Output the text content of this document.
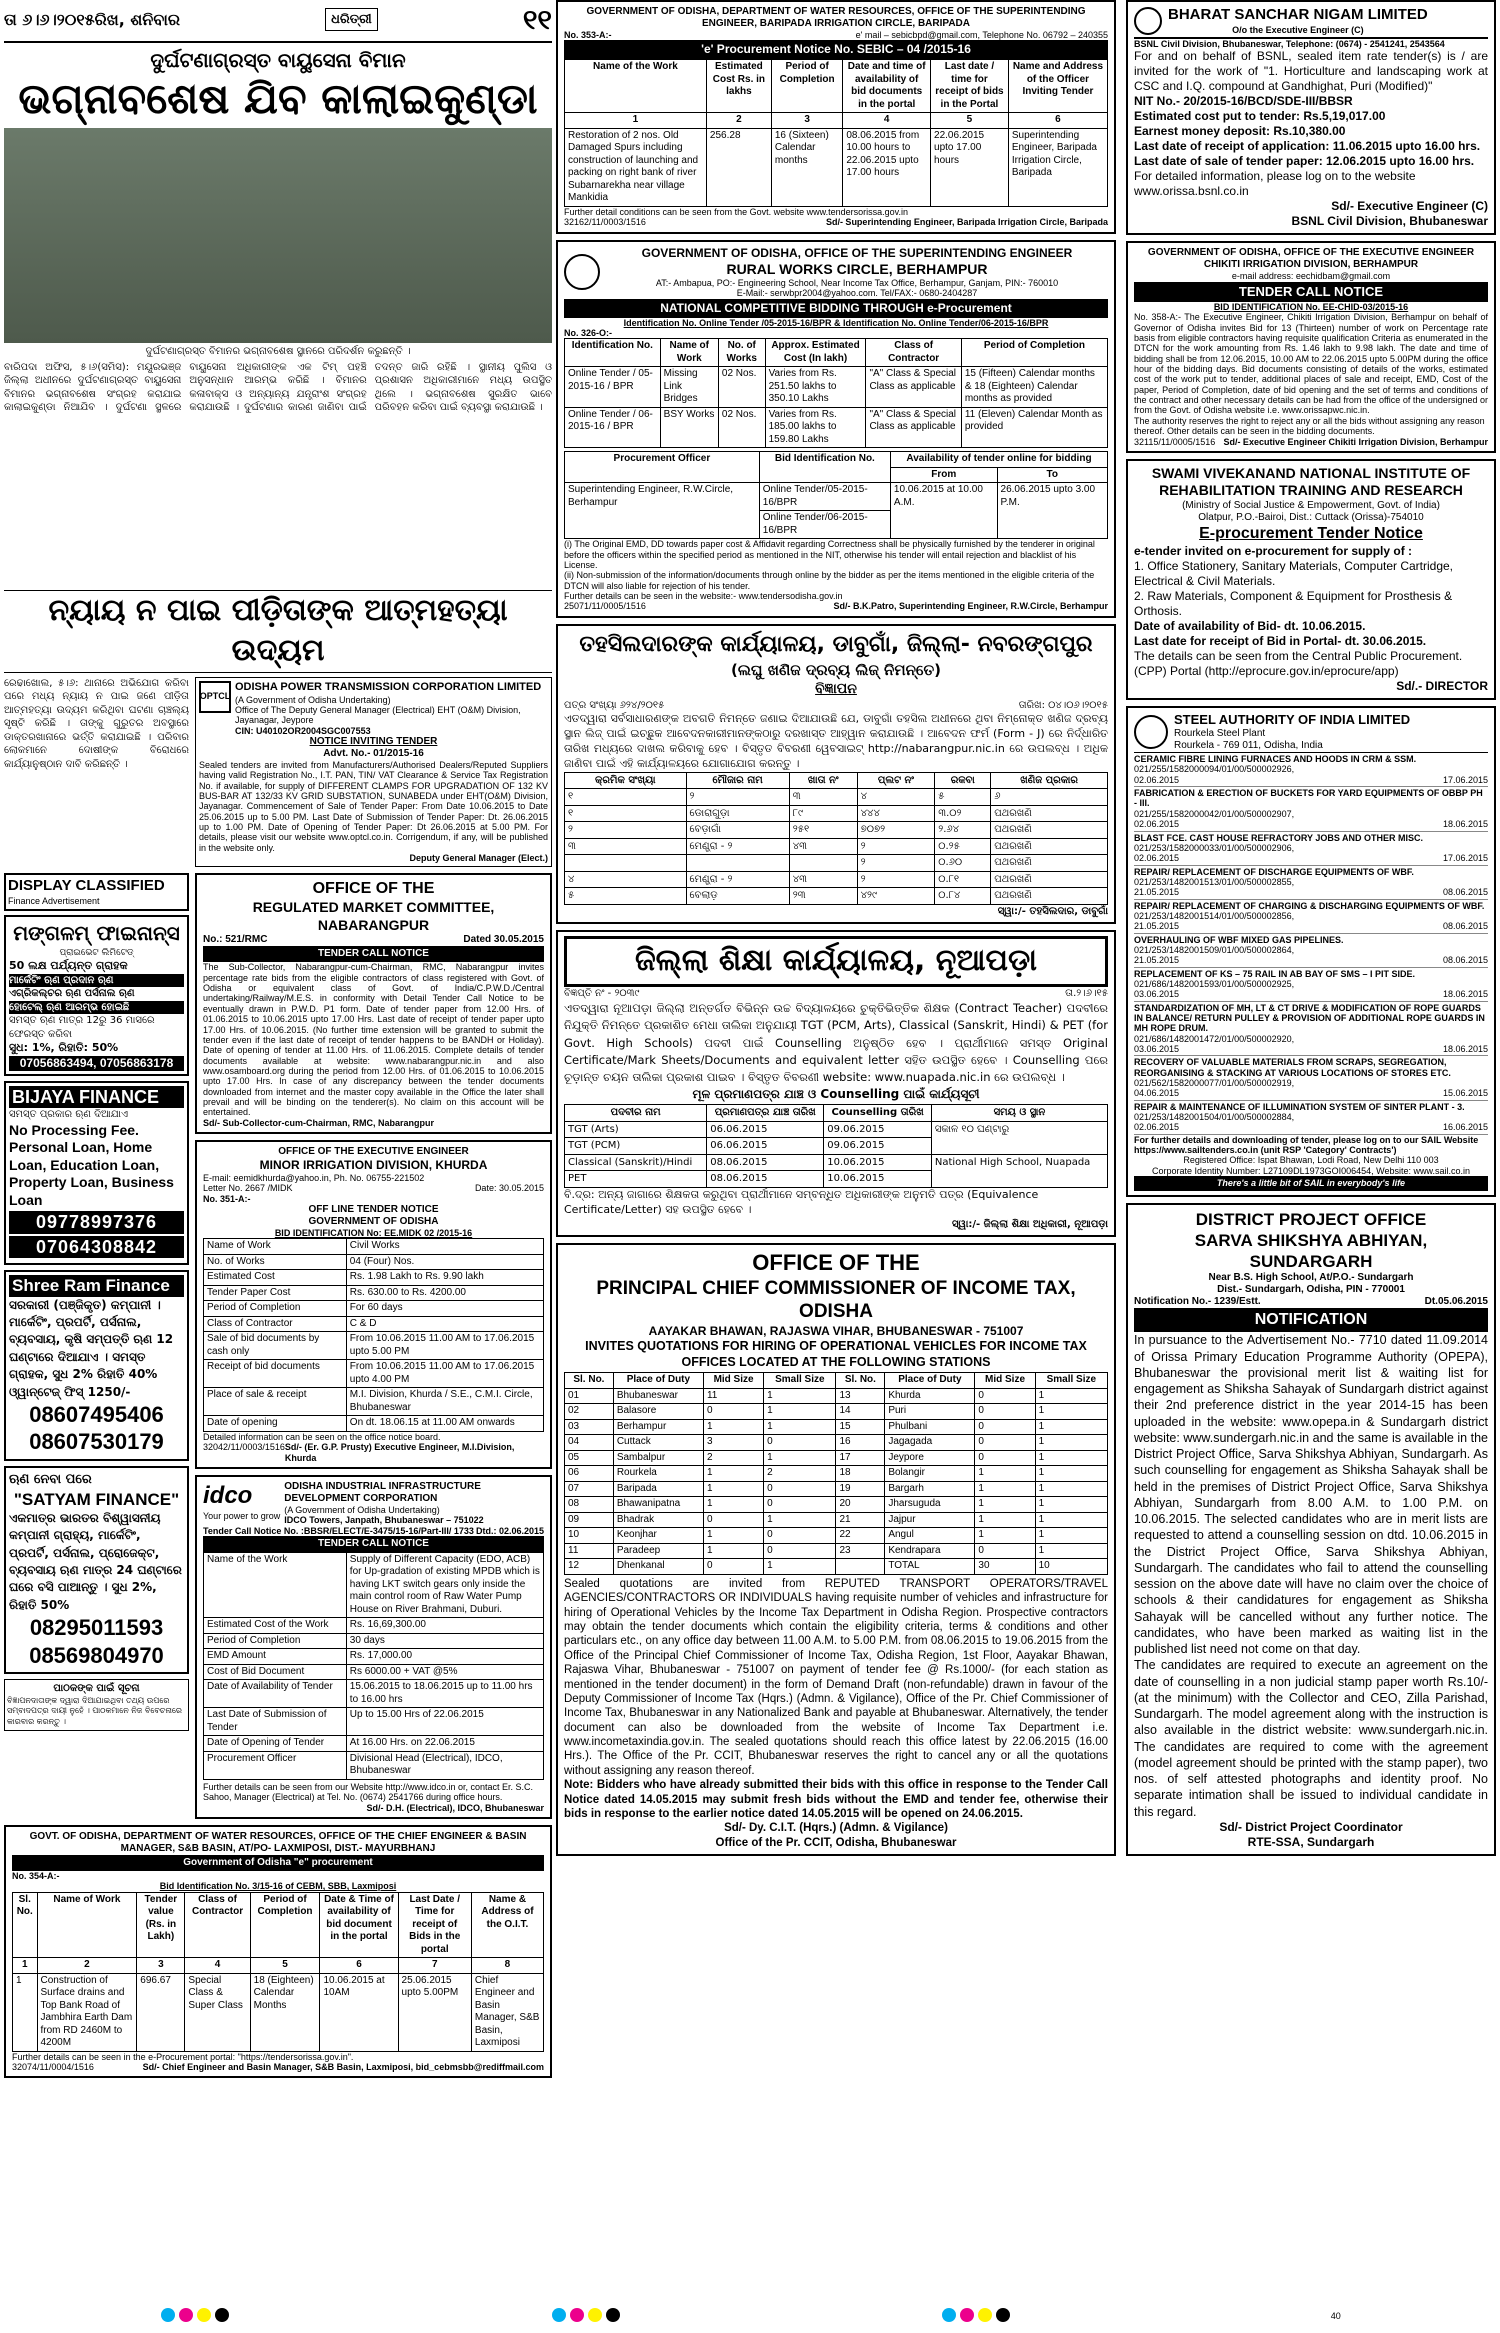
ତା ୬।୬।୨୦୧୫ରିଖ, ଶନିବାର	ଧରିତ୍ରୀ	୧୧
ଦୁର୍ଘଟଣାଗ୍ରସ୍ତ ବାୟୁସେନା ବିମାନ
ଭଗ୍ନାବଶେଷ ଯିବ କାଲାଇକୁଣ୍ଡା
ଦୁର୍ଘଟଣାଗ୍ରସ୍ତ ବିମାନର ଭଗ୍ନାବଶେଷ ସ୍ଥାନରେ ପରିଦର୍ଶନ କରୁଛନ୍ତି ।
ବାରିପଦା ଅଫିସ, ୫।୬(ସମିସ): ମୟୂରଭଞ୍ଜ ଜିଲ୍ଲା ଅଧୀନରେ ଦୁର୍ଘଟଣାଗ୍ରସ୍ତ ବାୟୁସେନା ବିମାନର ଭଗ୍ନାବଶେଷ ସଂଗ୍ରହ କରାଯାଇ କାଲାଇକୁଣ୍ଡା ନିଆଯିବ । ଦୁର୍ଘଟଣା ସ୍ଥଳରେ ବାୟୁସେନା ଅଧିକାରୀଙ୍କ ଏକ ଟିମ୍ ପହଞ୍ଚି ଅନୁସନ୍ଧାନ ଆରମ୍ଭ କରିଛି । ବିମାନର କଳାବାକ୍ସ ଓ ଅନ୍ୟାନ୍ୟ ଯନ୍ତ୍ରାଂଶ ସଂଗ୍ରହ କରାଯାଉଛି । ଦୁର୍ଘଟଣାର କାରଣ ଜାଣିବା ପାଇଁ ତଦନ୍ତ ଜାରି ରହିଛି । ସ୍ଥାନୀୟ ପୁଲିସ ଓ ପ୍ରଶାସନ ଅଧିକାରୀମାନେ ମଧ୍ୟ ଉପସ୍ଥିତ ଥିଲେ । ଭଗ୍ନାବଶେଷ ସୁରକ୍ଷିତ ଭାବେ ପରିବହନ କରିବା ପାଇଁ ବ୍ୟବସ୍ଥା କରାଯାଉଛି ।
ନ୍ୟାୟ ନ ପାଇ ପୀଡ଼ିତାଙ୍କ ଆତ୍ମହତ୍ୟା ଉଦ୍ୟମ
ରେଢାଖୋଲ, ୫।୬: ଥାନାରେ ଅଭିଯୋଗ କରିବା ପରେ ମଧ୍ୟ ନ୍ୟାୟ ନ ପାଇ ଜଣେ ପୀଡ଼ିତା ଆତ୍ମହତ୍ୟା ଉଦ୍ୟମ କରିଥିବା ଘଟଣା ଚାଞ୍ଚଲ୍ୟ ସୃଷ୍ଟି କରିଛି । ତାଙ୍କୁ ଗୁରୁତର ଅବସ୍ଥାରେ ଡାକ୍ତରଖାନାରେ ଭର୍ତ୍ତି କରାଯାଇଛି । ପରିବାର ଲୋକମାନେ ଦୋଷୀଙ୍କ ବିରୋଧରେ କାର୍ଯ୍ୟାନୁଷ୍ଠାନ ଦାବି କରିଛନ୍ତି ।
OPTCL
ODISHA POWER TRANSMISSION CORPORATION LIMITED
(A Government of Odisha Undertaking)
Office of The Deputy General Manager (Electrical) EHT (O&M) Division, Jayanagar, Jeypore
CIN: U40102OR2004SGC007553
NOTICE INVITING TENDER
Advt. No.- 01/2015-16
Sealed tenders are invited from Manufacturers/Authorised Dealers/Reputed Suppliers having valid Registration No., I.T. PAN, TIN/ VAT Clearance & Service Tax Registration No. if available, for supply of DIFFERENT CLAMPS FOR UPGRADATION OF 132 KV BUS-BAR AT 132/33 KV GRID SUBSTATION, SUNABEDA under EHT(O&M) Division, Jayanagar. Commencement of Sale of Tender Paper: From Date 10.06.2015 to Date 25.06.2015 up to 5.00 PM. Last Date of Submission of Tender Paper: Dt. 26.06.2015 up to 1.00 PM. Date of Opening of Tender Paper: Dt 26.06.2015 at 5.00 PM. For details, please visit our website www.optcl.co.in. Corrigendum, if any, will be published in the website only.
Deputy General Manager (Elect.)
DISPLAY CLASSIFIED
Finance Advertisement
ମଙ୍ଗଳମ୍ ଫାଇନାନ୍ସ
ପ୍ରାଇଭେଟ ଲିମିଟେଡ୍
50 ଲକ୍ଷ ପର୍ଯ୍ୟନ୍ତ ଗ୍ରାହକ
ମାର୍କେଟିଂ ଋଣ ପ୍ରଦାନ ଋଣ
ଏଗ୍ରିକଲ୍ଚର ଋଣ ପର୍ସନାଲ ଋଣ
ହୋଟେଲ୍ ଋଣ ଆରମ୍ଭ ହୋଇଛି
ସମସ୍ତ ଋଣ ମାତ୍ର 12ରୁ 36 ମାସରେ ଫେରସ୍ତ କରିବା
ସୁଧ: 1%, ରିହାତି: 50%
07056863494, 07056863178
BIJAYA FINANCE
ସମସ୍ତ ପ୍ରକାର ଋଣ ଦିଆଯାଏ
No Processing Fee.
Personal Loan, Home
Loan, Education Loan,
Property Loan, Business
Loan
09778997376
07064308842
Shree Ram Finance
ସରକାରୀ (ପଞ୍ଜିକୃତ) କମ୍ପାନୀ । ମାର୍କେଟିଂ, ପ୍ରପର୍ଟି, ପର୍ସନାଲ, ବ୍ୟବସାୟ, କୃଷି ସମ୍ପତ୍ତି ଋଣ 12 ଘଣ୍ଟାରେ ଦିଆଯାଏ । ସମସ୍ତ ଗ୍ରାହକ, ସୁଧ 2% ରିହାତି 40% ଓ୍ୱାନ୍ଟେଜ୍ ଫିସ୍ 1250/-
08607495406
08607530179
ଋଣ ନେବା ପରେ
"SATYAM FINANCE"
ଏକମାତ୍ର ଭାରତର ବିଶ୍ୱାସନୀୟ କମ୍ପାନୀ ଗ୍ରାହ୍ୟ, ମାର୍କେଟିଂ, ପ୍ରପର୍ଟି, ପର୍ସନାଲ, ପ୍ରୋଜେକ୍ଟ, ବ୍ୟବସାୟ ଋଣ ମାତ୍ର 24 ଘଣ୍ଟାରେ ଘରେ ବସି ପାଆନ୍ତୁ । ସୁଧ 2%, ରିହାତି 50%
08295011593
08569804970
ପାଠକଙ୍କ ପାଇଁ ସୂଚନା
ବିଜ୍ଞାପନଦାତାଙ୍କ ଦ୍ୱାରା ଦିଆଯାଇଥିବା ତଥ୍ୟ ଉପରେ ସମ୍ବାଦପତ୍ର ଦାୟୀ ନୁହେଁ । ପାଠକମାନେ ନିଜ ବିବେଚନାରେ କାରବାର କରନ୍ତୁ ।
OFFICE OF THE
REGULATED MARKET COMMITTEE, NABARANGPUR
No.: 521/RMC	Dated 30.05.2015
TENDER CALL NOTICE
The Sub-Collector, Nabarangpur-cum-Chairman, RMC, Nabarangpur invites percentage rate bids from the eligible contractors of class registered with Govt. of Odisha or equivalent class of Govt. of India/C.P.W.D./Central undertaking/Railway/M.E.S. in conformity with Detail Tender Call Notice to be eventually drawn in P.W.D. P1 form. Date of tender paper from 12.00 Hrs. of 01.06.2015 to 10.06.2015 upto 17.00 Hrs. Last date of receipt of tender paper upto 17.00 Hrs. of 10.06.2015. (No further time extension will be granted to submit the tender even if the last date of receipt of tender happens to be BANDH or Holiday). Date of opening of tender at 11.00 Hrs. of 11.06.2015. Complete details of tender documents available at website: www.nabarangpur.nic.in and also www.osamboard.org during the period from 12.00 Hrs. of 01.06.2015 to 10.06.2015 upto 17.00 Hrs. In case of any discrepancy between the tender documents downloaded from internet and the master copy available in the Office the later shall prevail and will be binding on the tenderer(s). No claim on this account will be entertained.
Sd/- Sub-Collector-cum-Chairman, RMC, Nabarangpur
OFFICE OF THE EXECUTIVE ENGINEER
MINOR IRRIGATION DIVISION, KHURDA
E-mail: eemidkhurda@yahoo.in, Ph. No. 06755-221502
Letter No. 2667 /MIDK	Date: 30.05.2015
No. 351-A:-
OFF LINE TENDER NOTICE
GOVERNMENT OF ODISHA
BID IDENTIFICATION No: EE.MIDK 02 /2015-16
Name of Work	Civil Works
No. of Works	04 (Four) Nos.
Estimated Cost	Rs. 1.98 Lakh to Rs. 9.90 lakh
Tender Paper Cost	Rs. 630.00 to Rs. 4200.00
Period of Completion	For 60 days
Class of Contractor	C & D
Sale of bid documents by cash only	From 10.06.2015 11.00 AM to 17.06.2015 upto 5.00 PM
Receipt of bid documents	From 10.06.2015 11.00 AM to 17.06.2015 upto 4.00 PM
Place of sale & receipt	M.I. Division, Khurda / S.E., C.M.I. Circle, Bhubaneswar
Date of opening	On dt. 18.06.15 at 11.00 AM onwards
Detailed information can be seen on the office notice board.
32042/11/0003/1516 Sd/- (Er. G.P. Prusty) Executive Engineer, M.I.Division, Khurda
idco
Your power to grow
ODISHA INDUSTRIAL INFRASTRUCTURE DEVELOPMENT CORPORATION
(A Government of Odisha Undertaking)
IDCO Towers, Janpath, Bhubaneswar – 751022
Tender Call Notice No. :BBSR/ELECT/E-3475/15-16/Part-III/ 1733 Dtd.: 02.06.2015
TENDER CALL NOTICE
Name of the Work	Supply of Different Capacity (EDO, ACB) for Up-gradation of existing MPDB which is having LKT switch gears only inside the main control room of Raw Water Pump House on River Brahmani, Duburi.
Estimated Cost of the Work	Rs. 16,69,300.00
Period of Completion	30 days
EMD Amount	Rs. 17,000.00
Cost of Bid Document	Rs 6000.00 + VAT @5%
Date of Availability of Tender	15.06.2015 to 18.06.2015 up to 11.00 hrs to 16.00 hrs
Last Date of Submission of Tender	Up to 15.00 Hrs of 22.06.2015
Date of Opening of Tender	At 16.00 Hrs. on 22.06.2015
Procurement Officer	Divisional Head (Electrical), IDCO, Bhubaneswar
Further details can be seen from our Website http://www.idco.in or, contact Er. S.C. Sahoo, Manager (Electrical) at Tel. No. (0674) 2541766 during office hours.
Sd/- D.H. (Electrical), IDCO, Bhubaneswar
GOVT. OF ODISHA, DEPARTMENT OF WATER RESOURCES, OFFICE OF THE CHIEF ENGINEER & BASIN MANAGER, S&B BASIN, AT/PO- LAXMIPOSI, DIST.- MAYURBHANJ
Government of Odisha "e" procurement
No. 354-A:-
Bid Identification No. 3/15-16 of CEBM, SBB, Laxmiposi
Sl. No.	Name of Work	Tender value (Rs. in Lakh)	Class of Contractor	Period of Completion	Date & Time of availability of bid document in the portal	Last Date / Time for receipt of Bids in the portal	Name & Address of the O.I.T.
1	2	3	4	5	6	7	8
1	Construction of Surface drains and Top Bank Road of Jambhira Earth Dam from RD 2460M to 4200M	696.67	Special Class & Super Class	18 (Eighteen) Calendar Months	10.06.2015 at 10AM	25.06.2015 upto 5.00PM	Chief Engineer and Basin Manager, S&B Basin, Laxmiposi
Further details can be seen in the e-Procurement portal: "https://tendersorissa.gov.in".
32074/11/0004/1516	Sd/- Chief Engineer and Basin Manager, S&B Basin, Laxmiposi, bid_cebmsbb@rediffmail.com
GOVERNMENT OF ODISHA, DEPARTMENT OF WATER RESOURCES, OFFICE OF THE SUPERINTENDING ENGINEER, BARIPADA IRRIGATION CIRCLE, BARIPADA
No. 353-A:-	e' mail – sebicbpd@gmail.com, Telephone No. 06792 – 240355
'e' Procurement Notice No. SEBIC – 04 /2015-16
Name of the Work	Estimated Cost Rs. in lakhs	Period of Completion	Date and time of availability of bid documents in the portal	Last date / time for receipt of bids in the Portal	Name and Address of the Officer Inviting Tender
1	2	3	4	5	6
Restoration of 2 nos. Old Damaged Spurs including construction of launching and packing on right bank of river Subarnarekha near village Mankidia	256.28	16 (Sixteen) Calendar months	08.06.2015 from 10.00 hours to 22.06.2015 upto 17.00 hours	22.06.2015 upto 17.00 hours	Superintending Engineer, Baripada Irrigation Circle, Baripada
Further detail conditions can be seen from the Govt. website www.tendersorissa.gov.in
32162/11/0003/1516	Sd/- Superintending Engineer, Baripada Irrigation Circle, Baripada
GOVERNMENT OF ODISHA, OFFICE OF THE SUPERINTENDING ENGINEER
RURAL WORKS CIRCLE, BERHAMPUR
AT:- Ambapua, PO:- Engineering School, Near Income Tax Office, Berhampur, Ganjam, PIN:- 760010
E-Mail:- serwbpr2004@yahoo.com. Tel/FAX:- 0680-2404287
NATIONAL COMPETITIVE BIDDING THROUGH e-Procurement
Identification No. Online Tender /05-2015-16/BPR & Identification No. Online Tender/06-2015-16/BPR
No. 326-O:-
Identification No.	Name of Work	No. of Works	Approx. Estimated Cost (In lakh)	Class of Contractor	Period of Completion
Online Tender / 05-2015-16 / BPR	Missing Link Bridges	02 Nos.	Varies from Rs. 251.50 lakhs to 350.10 Lakhs	"A" Class & Special Class as applicable	15 (Fifteen) Calendar months & 18 (Eighteen) Calendar months as provided
Online Tender / 06-2015-16 / BPR	BSY Works	02 Nos.	Varies from Rs. 185.00 lakhs to 159.80 Lakhs	"A" Class & Special Class as applicable	11 (Eleven) Calendar Month as provided
Procurement Officer	Bid Identification No.	Availability of tender online for bidding	
		From	To
Superintending Engineer, R.W.Circle, Berhampur	Online Tender/05-2015-16/BPR	10.06.2015 at 10.00 A.M.	26.06.2015 upto 3.00 P.M.
	Online Tender/06-2015-16/BPR		
(i) The Original EMD, DD towards paper cost & Affidavit regarding Correctness shall be physically furnished by the tenderer in original before the officers within the specified period as mentioned in the NIT, otherwise his tender will entail rejection and blacklist of his License.
(ii) Non-submission of the information/documents through online by the bidder as per the items mentioned in the eligible criteria of the DTCN will also liable for rejection of his tender.
Further details can be seen in the website:- www.tendersodisha.gov.in
25071/11/0005/1516	Sd/- B.K.Patro, Superintending Engineer, R.W.Circle, Berhampur
ତହସିଲଦାରଙ୍କ କାର୍ଯ୍ୟାଳୟ, ଡାବୁଗାଁ, ଜିଲ୍ଲା- ନବରଙ୍ଗପୁର
(ଲଘୁ ଖଣିଜ ଦ୍ରବ୍ୟ ଲିଜ୍ ନିମନ୍ତେ)
ବିଜ୍ଞାପନ
ପତ୍ର ସଂଖ୍ୟା ୬୨୪/୨୦୧୫	ତାରିଖ: ୦୪।୦୬।୨୦୧୫
ଏତଦ୍ୱାରା ସର୍ବସାଧାରଣଙ୍କ ଅବଗତି ନିମନ୍ତେ ଜଣାଇ ଦିଆଯାଉଛି ଯେ, ଡାବୁଗାଁ ତହସିଲ ଅଧୀନରେ ଥିବା ନିମ୍ନୋକ୍ତ ଖଣିଜ ଦ୍ରବ୍ୟ ସ୍ଥାନ ଲିଜ୍ ପାଇଁ ଇଚ୍ଛୁକ ଆବେଦନକାରୀମାନଙ୍କଠାରୁ ଦରଖାସ୍ତ ଆହ୍ୱାନ କରାଯାଉଛି । ଆବେଦନ ଫର୍ମ (Form - J) ରେ ନିର୍ଦ୍ଧାରିତ ତାରିଖ ମଧ୍ୟରେ ଦାଖଲ କରିବାକୁ ହେବ । ବିସ୍ତୃତ ବିବରଣୀ ୱେବସାଇଟ୍ http://nabarangpur.nic.in ରେ ଉପଲବ୍ଧ । ଅଧିକ ଜାଣିବା ପାଇଁ ଏହି କାର୍ଯ୍ୟାଳୟରେ ଯୋଗାଯୋଗ କରନ୍ତୁ ।
କ୍ରମିକ ସଂଖ୍ୟା	ମୌଜାର ନାମ	ଖାତା ନଂ	ପ୍ଲଟ ନଂ	ରକବା	ଖଣିଜ ପ୍ରକାର
୧	୨	୩	୪	୫	୬
୧	ଡୋରାଗୁଡ଼ା	୮୯	୪୪୪	୩.୦୨	ପଥରଖଣି
୨	ବେଡ଼ାଗାଁ	୨୫୧	୭୦୭୨	୨.୬୪	ପଥରଖଣି
୩	ମେଣ୍ଡ୍ରା - ୨	୪୩	୨	୦.୨୫	ପଥରଖଣି
			୨	୦.୬୦	ପଥରଖଣି
୪	ମେଣ୍ଡ୍ରା - ୨	୪୩	୨	୦.୮୧	ପଥରଖଣି
୫	ବେଲାଡ଼	୨୩	୪୨୯	୦.୮୪	ପଥରଖଣି
ସ୍ୱା:/- ତହସିଲଦାର, ଡାବୁଗାଁ
ଜିଲ୍ଲା ଶିକ୍ଷା କାର୍ଯ୍ୟାଳୟ, ନୂଆପଡ଼ା
ବିଜ୍ଞପ୍ତି ନଂ - ୨୦୩୯	ତା.୨।୬।୧୫
ଏତଦ୍ୱାରା ନୂଆପଡ଼ା ଜିଲ୍ଲା ଅନ୍ତର୍ଗତ ବିଭିନ୍ନ ଉଚ୍ଚ ବିଦ୍ୟାଳୟରେ ଚୁକ୍ତିଭିତ୍ତିକ ଶିକ୍ଷକ (Contract Teacher) ପଦବୀରେ ନିଯୁକ୍ତି ନିମନ୍ତେ ପ୍ରକାଶିତ ମେଧା ତାଲିକା ଅନୁଯାୟୀ TGT (PCM, Arts), Classical (Sanskrit, Hindi) & PET (for Govt. High Schools) ପଦବୀ ପାଇଁ Counselling ଅନୁଷ୍ଠିତ ହେବ । ପ୍ରାର୍ଥୀମାନେ ସମସ୍ତ Original Certificate/Mark Sheets/Documents and equivalent letter ସହିତ ଉପସ୍ଥିତ ହେବେ । Counselling ପରେ ଚୂଡ଼ାନ୍ତ ଚୟନ ତାଲିକା ପ୍ରକାଶ ପାଇବ । ବିସ୍ତୃତ ବିବରଣୀ website: www.nuapada.nic.in ରେ ଉପଲବ୍ଧ ।
ମୂଳ ପ୍ରମାଣପତ୍ର ଯାଞ୍ଚ ଓ Counselling ପାଇଁ କାର୍ଯ୍ୟସୂଚୀ
ପଦବୀର ନାମ	ପ୍ରମାଣପତ୍ର ଯାଞ୍ଚ ତାରିଖ	Counselling ତାରିଖ	ସମୟ ଓ ସ୍ଥାନ
TGT (Arts)	06.06.2015	09.06.2015	ସକାଳ ୧୦ ଘଣ୍ଟାରୁ

TGT (PCM)	06.06.2015	09.06.2015	
Classical (Sanskrit)/Hindi	08.06.2015	10.06.2015	National High School, Nuapada

PET	08.06.2015	10.06.2015	
ବି.ଦ୍ର: ଅନ୍ୟ ଜାଗାରେ ଶିକ୍ଷକତା କରୁଥିବା ପ୍ରାର୍ଥୀମାନେ ସମ୍ବନ୍ଧିତ ଅଧିକାରୀଙ୍କ ଅନୁମତି ପତ୍ର (Equivalence Certificate/Letter) ସହ ଉପସ୍ଥିତ ହେବେ ।
ସ୍ୱା:/- ଜିଲ୍ଲା ଶିକ୍ଷା ଅଧିକାରୀ, ନୂଆପଡ଼ା
OFFICE OF THE
PRINCIPAL CHIEF COMMISSIONER OF INCOME TAX, ODISHA
AAYAKAR BHAWAN, RAJASWA VIHAR, BHUBANESWAR - 751007
INVITES QUOTATIONS FOR HIRING OF OPERATIONAL VEHICLES FOR INCOME TAX OFFICES LOCATED AT THE FOLLOWING STATIONS
Sl. No.	Place of Duty	Mid Size	Small Size	Sl. No.	Place of Duty	Mid Size	Small Size
01	Bhubaneswar	11	1	13	Khurda	0	1
02	Balasore	0	1	14	Puri	0	1
03	Berhampur	1	1	15	Phulbani	0	1
04	Cuttack	3	0	16	Jagagada	0	1
05	Sambalpur	2	1	17	Jeypore	0	1
06	Rourkela	1	2	18	Bolangir	1	1
07	Baripada	1	0	19	Bargarh	1	1
08	Bhawanipatna	1	0	20	Jharsuguda	1	1
09	Bhadrak	0	1	21	Jajpur	1	1
10	Keonjhar	1	0	22	Angul	1	1
11	Paradeep	1	0	23	Kendrapara	0	1
12	Dhenkanal	0	1		TOTAL	30	10
Sealed quotations are invited from REPUTED TRANSPORT OPERATORS/TRAVEL AGENCIES/CONTRACTORS OR INDIVIDUALS having requisite number of vehicles and infrastructure for hiring of Operational Vehicles by the Income Tax Department in Odisha Region. Prospective contractors may obtain the tender documents which contain the eligibility criteria, terms & conditions and other particulars etc., on any office day between 11.00 A.M. to 5.00 P.M. from 08.06.2015 to 19.06.2015 from the Office of the Principal Chief Commissioner of Income Tax, Odisha Region, 1st Floor, Aayakar Bhawan, Rajaswa Vihar, Bhubaneswar - 751007 on payment of tender fee @ Rs.1000/- (for each station as mentioned in the tender document) in the form of Demand Draft (non-refundable) drawn in favour of the Deputy Commissioner of Income Tax (Hqrs.) (Admn. & Vigilance), Office of the Pr. Chief Commissioner of Income Tax, Bhubaneswar in any Nationalized Bank and payable at Bhubaneswar. Alternatively, the tender document can also be downloaded from the website of Income Tax Department i.e. www.incometaxindia.gov.in. The sealed quotations should reach this office latest by 22.06.2015 (16.00 Hrs.). The Office of the Pr. CCIT, Bhubaneswar reserves the right to cancel any or all the quotations without assigning any reason thereof.
Note: Bidders who have already submitted their bids with this office in response to the Tender Call Notice dated 14.05.2015 may submit fresh bids without the EMD and tender fee, otherwise their bids in response to the earlier notice dated 14.05.2015 will be opened on 24.06.2015.
Sd/- Dy. C.I.T. (Hqrs.) (Admn. & Vigilance)
Office of the Pr. CCIT, Odisha, Bhubaneswar
BHARAT SANCHAR NIGAM LIMITED
O/o the Executive Engineer (C)
BSNL Civil Division, Bhubaneswar, Telephone: (0674) - 2541241, 2543564
For and on behalf of BSNL, sealed item rate tender(s) is / are invited for the work of "1. Horticulture and landscaping work at CSC and I.Q. compound at Gandhighat, Puri (Modified)"
NIT No.- 20/2015-16/BCD/SDE-III/BBSR
Estimated cost put to tender: Rs.5,19,017.00
Earnest money deposit: Rs.10,380.00
Last date of receipt of application: 11.06.2015 upto 16.00 hrs.
Last date of sale of tender paper: 12.06.2015 upto 16.00 hrs.
For detailed information, please log on to the website www.orissa.bsnl.co.in
Sd/- Executive Engineer (C)
BSNL Civil Division, Bhubaneswar
GOVERNMENT OF ODISHA, OFFICE OF THE EXECUTIVE ENGINEER
CHIKITI IRRIGATION DIVISION, BERHAMPUR
e-mail address: eechidbam@gmail.com
TENDER CALL NOTICE
BID IDENTIFICATION No. EE-CHID-03/2015-16
No. 358-A:- The Executive Engineer, Chikiti Irrigation Division, Berhampur on behalf of Governor of Odisha invites Bid for 13 (Thirteen) number of work on Percentage rate basis from eligible contractors having requisite qualification Criteria as enumerated in the DTCN for the work amounting from Rs. 1.46 lakh to 9.98 lakh. The date and time of bidding shall be from 12.06.2015, 10.00 AM to 22.06.2015 upto 5.00PM during the office hour of the bidding days. Bid documents consisting of details of the works, estimated cost of the work put to tender, additional places of sale and receipt, EMD, Cost of the paper, Period of Completion, date of bid opening and the set of terms and conditions of the contract and other necessary details can be had from the office of the undersigned or from the Govt. of Odisha website i.e. www.orissapwc.nic.in.
The authority reserves the right to reject any or all the bids without assigning any reason thereof. Other details can be seen in the bidding documents.
32115/11/0005/1516 Sd/- Executive Engineer Chikiti Irrigation Division, Berhampur
SWAMI VIVEKANAND NATIONAL INSTITUTE OF REHABILITATION TRAINING AND RESEARCH
(Ministry of Social Justice & Empowerment, Govt. of India)
Olatpur, P.O.-Bairoi, Dist.: Cuttack (Orissa)-754010
E-procurement Tender Notice
e-tender invited on e-procurement for supply of :
1. Office Stationery, Sanitary Materials, Computer Cartridge, Electrical & Civil Materials.
2. Raw Materials, Component & Equipment for Prosthesis & Orthosis.
Date of availability of Bid- dt. 10.06.2015.
Last date for receipt of Bid in Portal- dt. 30.06.2015.
The details can be seen from the Central Public Procurement. (CPP) Portal (http://eprocure.gov.in/eprocure/app)
Sd/.- DIRECTOR
STEEL AUTHORITY OF INDIA LIMITED
Rourkela Steel Plant
Rourkela - 769 011, Odisha, India
CERAMIC FIBRE LINING FURNACES AND HOODS IN CRM & SSM.
021/255/1582000094/01/00/500002926,
02.06.2015	17.06.2015
FABRICATION & ERECTION OF BUCKETS FOR YARD EQUIPMENTS OF OBBP PH - III.
021/255/1582000042/01/00/500002907,
02.06.2015	18.06.2015
BLAST FCE. CAST HOUSE REFRACTORY JOBS AND OTHER MISC.
021/253/1582000033/01/00/500002906,
02.06.2015	17.06.2015
REPAIR/ REPLACEMENT OF DISCHARGE EQUIPMENTS OF WBF.
021/253/1482001513/01/00/500002855,
21.05.2015	08.06.2015
REPAIR/ REPLACEMENT OF CHARGING & DISCHARGING EQUIPMENTS OF WBF.
021/253/1482001514/01/00/500002856,
21.05.2015	08.06.2015
OVERHAULING OF WBF MIXED GAS PIPELINES.
021/253/1482001509/01/00/500002864,
21.05.2015	08.06.2015
REPLACEMENT OF KS – 75 RAIL IN AB BAY OF SMS – I PIT SIDE.
021/686/1482001593/01/00/500002925,
03.06.2015	18.06.2015
STANDARDIZATION OF MH, LT & CT DRIVE & MODIFICATION OF ROPE GUARDS IN BALANCE/ RETURN PULLEY & PROVISION OF ADDITIONAL ROPE GUARDS IN MH ROPE DRUM.
021/686/1482001472/01/00/500002920,
03.06.2015	18.06.2015
RECOVERY OF VALUABLE MATERIALS FROM SCRAPS, SEGREGATION, REORGANISING & STACKING AT VARIOUS LOCATIONS OF STORES ETC.
021/562/1582000077/01/00/500002919,
04.06.2015	15.06.2015
REPAIR & MAINTENANCE OF ILLUMINATION SYSTEM OF SINTER PLANT - 3.
021/253/1482001504/01/00/500002884,
02.06.2015	16.06.2015
For further details and downloading of tender, please log on to our SAIL Website https://www.sailtenders.co.in (unit RSP 'Category' Contracts')
Registered Office: Ispat Bhawan, Lodi Road, New Delhi 110 003
Corporate Identity Number: L27109DL1973GOI006454, Website: www.sail.co.in
There's a little bit of SAIL in everybody's life
DISTRICT PROJECT OFFICE
SARVA SHIKSHYA ABHIYAN, SUNDARGARH
Near B.S. High School, At/P.O.- Sundargarh
Dist.- Sundargarh, Odisha, PIN - 770001
Notification No.- 1239/Estt.	Dt.05.06.2015
NOTIFICATION
In pursuance to the Advertisement No.- 7710 dated 11.09.2014 of Orissa Primary Education Programme Authority (OPEPA), Bhubaneswar the provisional merit list & waiting list for engagement as Shiksha Sahayak of Sundargarh district against their 2nd preference district in the year 2014-15 has been uploaded in the website: www.opepa.in & Sundargarh district website: www.sundergarh.nic.in and the same is available in the District Project Office, Sarva Shikshya Abhiyan, Sundargarh. As such counselling for engagement as Shiksha Sahayak shall be held in the premises of District Project Office, Sarva Shikshya Abhiyan, Sundargarh from 8.00 A.M. to 1.00 P.M. on 10.06.2015. The selected candidates who are in merit lists are requested to attend a counselling session on dtd. 10.06.2015 in the District Project Office, Sarva Shikshya Abhiyan, Sundargarh. The candidates who fail to attend the counselling session on the above date will have no claim over the choice of schools & their candidatures for engagement as Shiksha Sahayak will be cancelled without any further notice. The candidates, who have been marked as waiting list in the published list need not come on that day.
The candidates are required to execute an agreement on the date of counselling in a non judicial stamp paper worth Rs.10/- (at the minimum) with the Collector and CEO, Zilla Parishad, Sundargarh. The model agreement along with the instruction is also available in the district website: www.sundergarh.nic.in. The candidates are required to come with the agreement (model agreement should be printed with the stamp paper), two nos. of self attested photographs and identity proof. No separate intimation shall be issued to individual candidate in this regard.
Sd/- District Project Coordinator
RTE-SSA, Sundargarh
40
